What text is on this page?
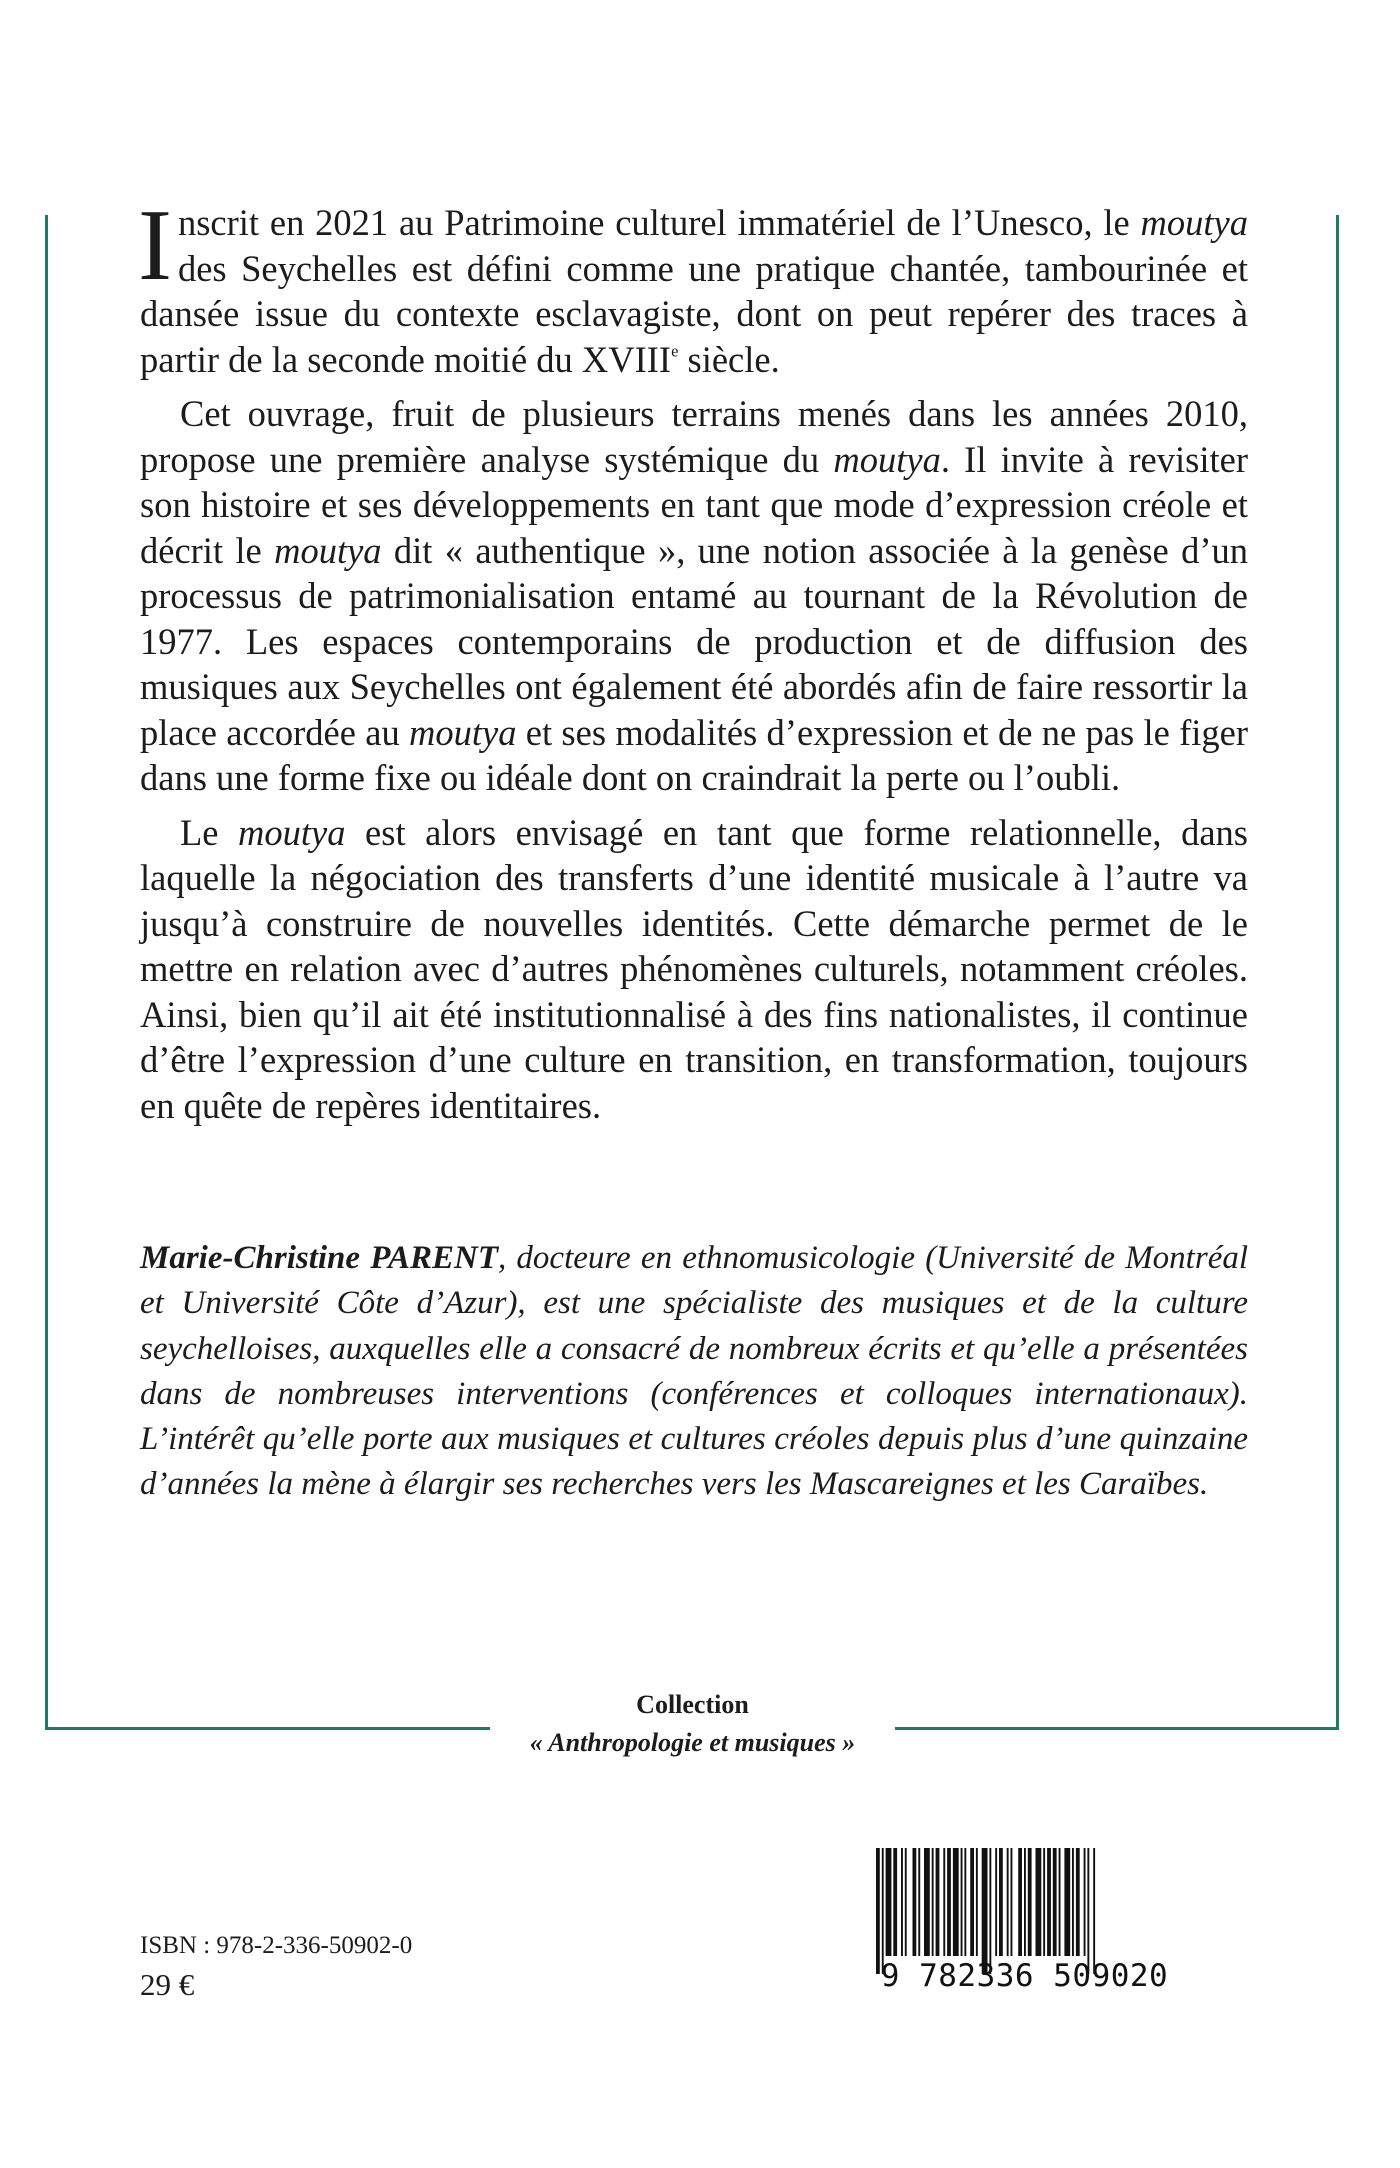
Inscrit en 2021 au Patrimoine culturel immatériel de l’Unesco, le moutya des Seychelles est défini comme une pratique chantée, tambourinée et dansée issue du contexte esclavagiste, dont on peut repérer des traces à partir de la seconde moitié du XVIIIe siècle.

Cet ouvrage, fruit de plusieurs terrains menés dans les années 2010, propose une première analyse systémique du moutya. Il invite à revisiter son histoire et ses développements en tant que mode d’expression créole et décrit le moutya dit « authentique », une notion associée à la genèse d’un processus de patrimonialisation entamé au tournant de la Révolution de 1977. Les espaces contemporains de production et de diffusion des musiques aux Seychelles ont également été abordés afin de faire ressortir la place accordée au moutya et ses modalités d’expression et de ne pas le figer dans une forme fixe ou idéale dont on craindrait la perte ou l’oubli.

Le moutya est alors envisagé en tant que forme relationnelle, dans laquelle la négociation des transferts d’une identité musicale à l’autre va jusqu’à construire de nouvelles identités. Cette démarche permet de le mettre en relation avec d’autres phénomènes culturels, notamment créoles. Ainsi, bien qu’il ait été institutionnalisé à des fins nationalistes, il continue d’être l’expression d’une culture en transition, en transformation, toujours en quête de repères identitaires.

Marie-Christine PARENT, docteure en ethnomusicologie (Université de Montréal et Université Côte d’Azur), est une spécialiste des musiques et de la culture seychelloises, auxquelles elle a consacré de nombreux écrits et qu’elle a présentées dans de nombreuses interventions (conférences et colloques internationaux). L’intérêt qu’elle porte aux musiques et cultures créoles depuis plus d’une quinzaine d’années la mène à élargir ses recherches vers les Mascareignes et les Caraïbes.
Collection
« Anthropologie et musiques »
ISBN : 978-2-336-50902-0
29 €	9 782336 509020
